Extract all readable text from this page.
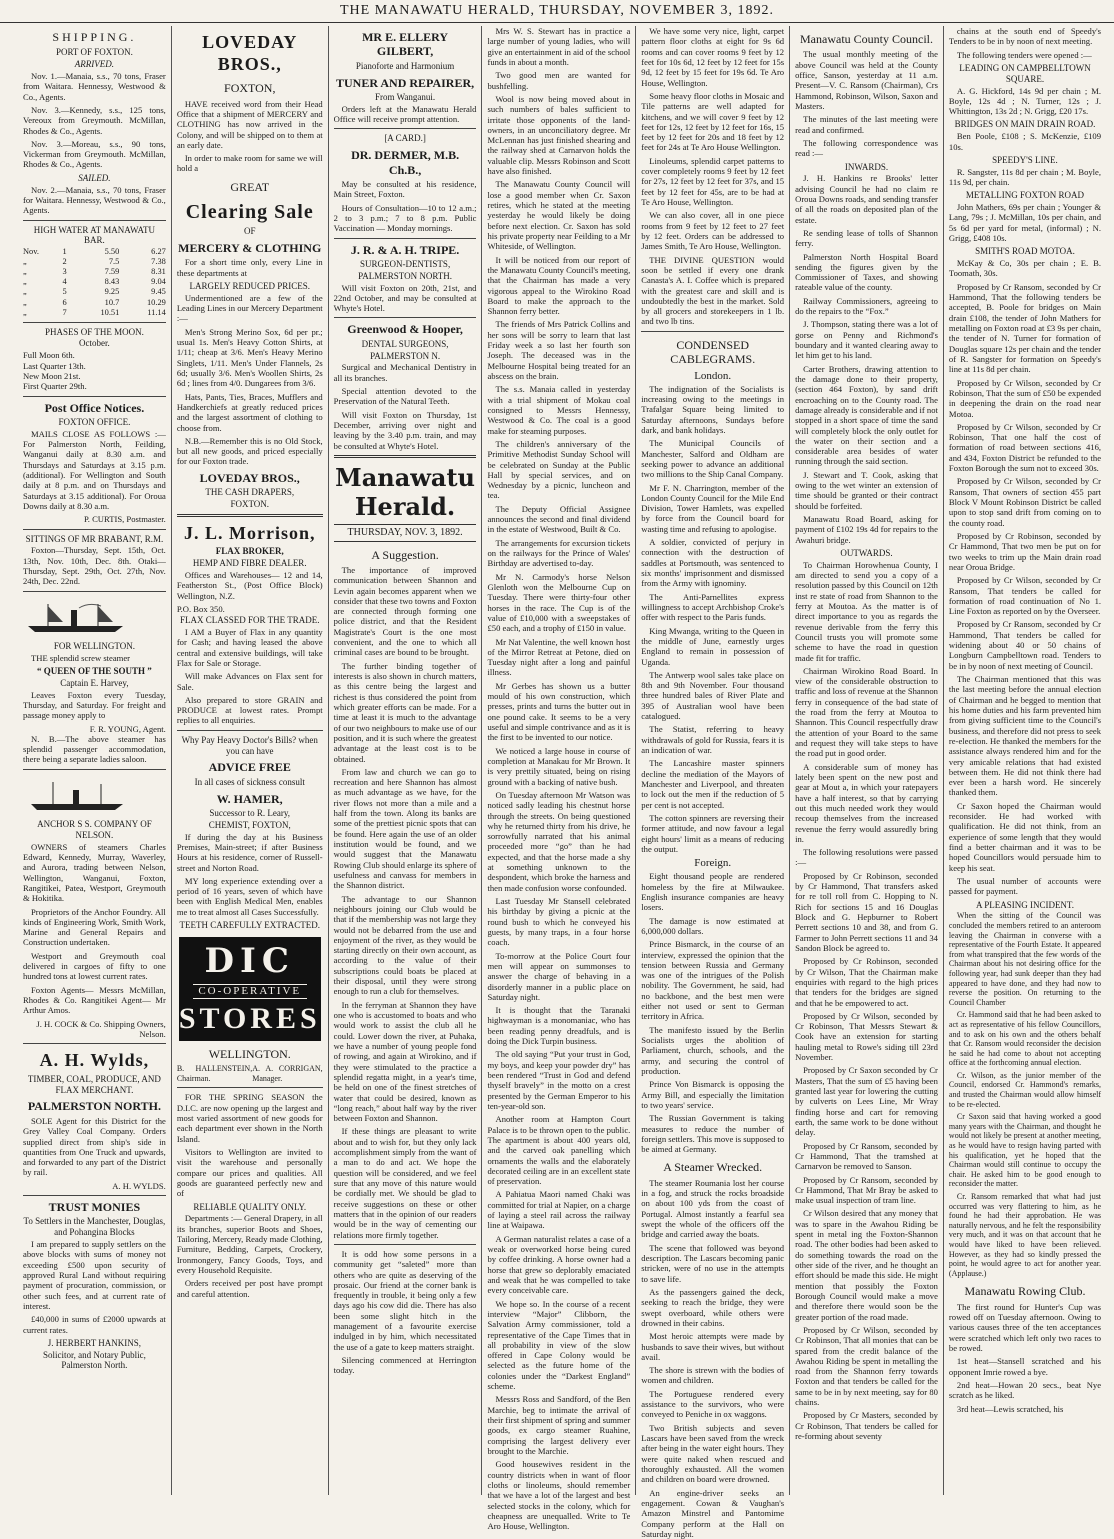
THE MANAWATU HERALD, THURSDAY, NOVEMBER 3, 1892.
SHIPPING.
PORT OF FOXTON.
ARRIVED.

Nov. 1.—Manaia, s.s., 70 tons, Fraser from Waitara. Hennessy, Westwood & Co., Agents.

Nov. 3.—Kennedy, s.s., 125 tons, Vereoux from Greymouth. McMillan, Rhodes & Co., Agents.

Nov. 3.—Moreau, s.s., 90 tons, Vickerman from Greymouth. McMillan, Rhodes & Co., Agents.

SAILED.

Nov. 2.—Manaia, s.s., 70 tons, Fraser for Waitara. Hennessy, Westwood & Co., Agents.

HIGH WATER AT MANAWATU BAR.
Nov.	1	5.50	6.27
„	2	7.5	7.38
„	3	7.59	8.31
„	4	8.43	9.04
„	5	9.25	9.45
„	6	10.7	10.29
„	7	10.51	11.14
PHASES OF THE MOON.
October.
Full Moon 6th.
Last Quarter 13th.
New Moon 21st.
First Quarter 29th.
Post Office Notices.
FOXTON OFFICE.

MAILS CLOSE AS FOLLOWS :— For Palmerston North, Feilding, Wanganui daily at 8.30 a.m. and Thursdays and Saturdays at 3.15 p.m. (additional). For Wellington and South daily at 8 p.m. and on Thursdays and Saturdays at 3.15 additional). For Oroua Downs daily at 8.30 a.m.

P. CURTIS, Postmaster.
SITTINGS OF MR BRABANT, R.M.

Foxton—Thursday, Sept. 15th, Oct. 13th, Nov. 10th, Dec. 8th. Otaki—Thursday, Sept. 29th, Oct. 27th, Nov. 24th, Dec. 22nd.

FOR WELLINGTON.

THE splendid screw steamer

“ QUEEN OF THE SOUTH ”
Captain E. Harvey,

Leaves Foxton every Tuesday, Thursday, and Saturday. For freight and passage money apply to

F. R. YOUNG, Agent.

N. B.—The above steamer has splendid passenger accommodation, there being a separate ladies saloon.

ANCHOR S S. COMPANY OF NELSON.

OWNERS of steamers Charles Edward, Kennedy, Murray, Waverley, and Aurora, trading between Nelson, Wellington, Wanganui, Foxton, Rangitikei, Patea, Westport, Greymouth & Hokitika.

Proprietors of the Anchor Foundry. All kinds of Engineering Work, Smith Work, Marine and General Repairs and Construction undertaken.

Westport and Greymouth coal delivered in cargoes of fifty to one hundred tons at lowest current rates.

Foxton Agents— Messrs McMillan, Rhodes & Co. Rangitikei Agent— Mr Arthur Amos.

J. H. COCK & Co. Shipping Owners, Nelson.
A. H. Wylds,
TIMBER, COAL, PRODUCE, AND FLAX MERCHANT.
PALMERSTON NORTH.

SOLE Agent for this District for the Grey Valley Coal Company. Orders supplied direct from ship's side in quantities from One Truck and upwards, and forwarded to any part of the District by rail.

A. H. WYLDS.
TRUST MONIES
To Settlers in the Manchester, Douglas, and Pohangina Blocks

I am prepared to supply settlers on the above blocks with sums of money not exceeding £500 upon security of approved Rural Land without requiring payment of procuration, commission, or other such fees, and at current rate of interest.

£40,000 in sums of £2000 upwards at current rates.

J. HERBERT HANKINS,
Solicitor, and Notary Public, Palmerston North.
LOVEDAY BROS.,
FOXTON,

HAVE received word from their Head Office that a shipment of MERCERY and CLOTHING has now arrived in the Colony, and will be shipped on to them at an early date.

In order to make room for same we will hold a

GREAT
Clearing Sale
OF
MERCERY & CLOTHING

For a short time only, every Line in these departments at

LARGELY REDUCED PRICES.

Undermentioned are a few of the Leading Lines in our Mercery Department :—

Men's Strong Merino Sox, 6d per pr.; usual 1s. Men's Heavy Cotton Shirts, at 1/11; cheap at 3/6. Men's Heavy Merino Singlets, 1/11. Men's Under Flannels, 2s 6d; usually 3/6. Men's Woollen Shirts, 2s 6d ; lines from 4/0. Dungarees from 3/6.

Hats, Pants, Ties, Braces, Mufflers and Handkerchiefs at greatly reduced prices and the largest assortment of clothing to choose from.

N.B.—Remember this is no Old Stock, but all new goods, and priced especially for our Foxton trade.

LOVEDAY BROS.,
THE CASH DRAPERS,
FOXTON.
J. L. Morrison,
FLAX BROKER,
HEMP AND FIBRE DEALER.

Offices and Warehouses— 12 and 14, Featherston St., (Post Office Block) Wellington, N.Z.

P.O. Box 350.
FLAX CLASSED FOR THE TRADE.

I AM a Buyer of Flax in any quantity for Cash; and having leased the above central and extensive buildings, will take Flax for Sale or Storage.

Will make Advances on Flax sent for Sale.

Also prepared to store GRAIN and PRODUCE at lowest rates. Prompt replies to all enquiries.

Why Pay Heavy Doctor's Bills? when you can have
ADVICE FREE
In all cases of sickness consult
W. HAMER,
Successor to R. Leary,
CHEMIST, FOXTON,

If during the day at his Business Premises, Main-street; if after Business Hours at his residence, corner of Russell-street and Norton Road.

MY long experience extending over a period of 16 years, seven of which have been with English Medical Men, enables me to treat almost all Cases Successfully.

TEETH CAREFULLY EXTRACTED.
DIC
CO-OPERATIVE
STORES
WELLINGTON.
B. HALLENSTEIN, Chairman.
A. A. CORRIGAN, Manager.

FOR THE SPRING SEASON the D.I.C. are now opening up the largest and most varied assortment of new goods for each department ever shown in the North Island.

Visitors to Wellington are invited to visit the warehouse and personally compare our prices and qualities. All goods are guaranteed perfectly new and of

RELIABLE QUALITY ONLY.

Departments :— General Drapery, in all its branches, superior Boots and Shoes, Tailoring, Mercery, Ready made Clothing, Furniture, Bedding, Carpets, Crockery, Ironmongery, Fancy Goods, Toys, and every Household Requisite.

Orders received per post have prompt and careful attention.

MR E. ELLERY GILBERT,
Pianoforte and Harmonium
TUNER AND REPAIRER,
From Wanganui.

Orders left at the Manawatu Herald Office will receive prompt attention.

[A CARD.]
DR. DERMER, M.B. Ch.B.,

May be consulted at his residence, Main Street, Foxton.

Hours of Consultation—10 to 12 a.m.; 2 to 3 p.m.; 7 to 8 p.m. Public Vaccination — Monday mornings.

J. R. & A. H. TRIPE.
SURGEON-DENTISTS,
PALMERSTON NORTH.

Will visit Foxton on 20th, 21st, and 22nd October, and may be consulted at Whyte's Hotel.

Greenwood & Hooper,
DENTAL SURGEONS,
PALMERSTON N.

Surgical and Mechanical Dentistry in all its branches.

Special attention devoted to the Preservation of the Natural Teeth.

Will visit Foxton on Thursday, 1st December, arriving over night and leaving by the 3.40 p.m. train, and may be consulted at Whyte's Hotel.

Manawatu Herald.
THURSDAY, NOV. 3, 1892.
A Suggestion.

The importance of improved communication between Shannon and Levin again becomes apparent when we consider that these two towns and Foxton are connected through forming one police district, and that the Resident Magistrate's Court is the one most convenient, and the one to which all criminal cases are bound to be brought.

The further binding together of interests is also shown in church matters, as this centre being the largest and richest is thus considered the point from which greater efforts can be made. For a time at least it is much to the advantage of our two neighbours to make use of our position, and it is such where the greatest advantage at the least cost is to be obtained.

From law and church we can go to recreation and here Shannon has almost as much advantage as we have, for the river flows not more than a mile and a half from the town. Along its banks are some of the prettiest picnic spots that can be found. Here again the use of an older institution would be found, and we would suggest that the Manawatu Rowing Club should enlarge its sphere of usefulness and canvass for members in the Shannon district.

The advantage to our Shannon neighbours joining our Club would be that if the membership was not large they would not be debarred from the use and enjoyment of the river, as they would be starting directly on their own account, as according to the value of their subscriptions could boats be placed at their disposal, until they were strong enough to run a club for themselves.

In the ferryman at Shannon they have one who is accustomed to boats and who would work to assist the club all he could. Lower down the river, at Puhaka, we have a number of young people fond of rowing, and again at Wirokino, and if they were stimulated to the practice a splendid regatta might, in a year's time, be held on one of the finest stretches of water that could be desired, known as “long reach,” about half way by the river between Foxton and Shannon.

If these things are pleasant to write about and to wish for, but they only lack accomplishment simply from the want of a man to do and act. We hope the question will be considered, and we feel sure that any move of this nature would be cordially met. We should be glad to receive suggestions on these or other matters that in the opinion of our readers would be in the way of cementing our relations more firmly together.

It is odd how some persons in a community get “saleted” more than others who are quite as deserving of the prosaic. Our friend at the corner bank is frequently in trouble, it being only a few days ago his cow did die. There has also been some slight hitch in the management of a favourite exercise indulged in by him, which necessitated the use of a gate to keep matters straight.

Silencing commenced at Herrington today.

Mrs W. S. Stewart has in practice a large number of young ladies, who will give an entertainment in aid of the school funds in about a month.

Two good men are wanted for bushfelling.

Wool is now being moved about in such numbers of bales sufficient to irritate those opponents of the land-owners, in an unconciliatory degree. Mr McLennan has just finished shearing and the railway shed at Carnarvon holds the valuable clip. Messrs Robinson and Scott have also finished.

The Manawatu County Council will lose a good member when Cr. Saxon retires, which he stated at the meeting yesterday he would likely be doing before next election. Cr. Saxon has sold his private property near Feilding to a Mr Whiteside, of Wellington.

It will be noticed from our report of the Manawatu County Council's meeting, that the Chairman has made a very vigorous appeal to the Wirokino Road Board to make the approach to the Shannon ferry better.

The friends of Mrs Patrick Collins and her sons will be sorry to learn that last Friday week a so last her fourth son Joseph. The deceased was in the Melbourne Hospital being treated for an abscess on the brain.

The s.s. Manaia called in yesterday with a trial shipment of Mokau coal consigned to Messrs Hennessy, Westwood & Co. The coal is a good make for steaming purposes.

The children's anniversary of the Primitive Methodist Sunday School will be celebrated on Sunday at the Public Hall by special services, and on Wednesday by a picnic, luncheon and tea.

The Deputy Official Assignee announces the second and final dividend in the estate of Westwood, Built & Co.

The arrangements for excursion tickets on the railways for the Prince of Wales' Birthday are advertised to-day.

Mr N. Carmody's horse Nelson Glenloth won the Melbourne Cup on Tuesday. There were thirty-four other horses in the race. The Cup is of the value of £10,000 with a sweepstakes of £50 each, and a trophy of £150 in value.

Mr Nat Valentine, the well known host of the Mirror Retreat at Petone, died on Tuesday night after a long and painful illness.

Mr Gerbes has shown us a butter mould of his own construction, which presses, prints and turns the butter out in one pound cake. It seems to be a very useful and simple contrivance and as it is the first to be invented to our notice.

We noticed a large house in course of completion at Manakau for Mr Brown. It is very prettily situated, being on rising ground with a backing of native bush.

On Tuesday afternoon Mr Watson was noticed sadly leading his chestnut horse through the streets. On being questioned why he returned thirty from his drive, he sorrowfully narrated that his animal proceeded more “go” than he had expected, and that the horse made a shy at something unknown to the despondent, which broke the harness and then made confusion worse confounded.

Last Tuesday Mr Stansell celebrated his birthday by giving a picnic at the round bush to which he conveyed his guests, by many traps, in a four horse coach.

To-morrow at the Police Court four men will appear on summonses to answer the charge of behaving in a disorderly manner in a public place on Saturday night.

It is thought that the Taranaki highwayman is a monomaniac, who has been reading penny dreadfuls, and is doing the Dick Turpin business.

The old saying “Put your trust in God, my boys, and keep your powder dry” has been rendered “Trust in God and defend thyself bravely” in the motto on a crest presented by the German Emperor to his ten-year-old son.

Another room at Hampton Court Palace is to be thrown open to the public. The apartment is about 400 years old, and the carved oak panelling which ornaments the walls and the elaborately decorated ceiling are in an excellent state of preservation.

A Pahiatua Maori named Chaki was committed for trial at Napier, on a charge of laying a steel rail across the railway line at Waipawa.

A German naturalist relates a case of a weak or overworked horse being cured by coffee drinking. A horse owner had a horse that grew so deplorably emaciated and weak that he was compelled to take every conceivable care.

We hope so. In the course of a recent interview “Major” Clibborn, the Salvation Army commissioner, told a representative of the Cape Times that in all probability in view of the slow offered in Cape Colony would be selected as the future home of the colonies under the “Darkest England” scheme.

Messrs Ross and Sandford, of the Ben Marchie, beg to intimate the arrival of their first shipment of spring and summer goods, ex cargo steamer Ruahine, comprising the largest delivery ever brought to the Marchie.

Good housewives resident in the country districts when in want of floor cloths or linoleums, should remember that we have a lot of the largest and best selected stocks in the colony, which for cheapness are unequalled. Write to Te Aro House, Wellington.

We have some very nice, light, carpet pattern floor cloths at eight for 9s 6d rooms and can cover rooms 9 feet by 12 feet for 10s 6d, 12 feet by 12 feet for 15s 9d, 12 feet by 15 feet for 19s 6d. Te Aro House, Wellington.

Some heavy floor cloths in Mosaic and Tile patterns are well adapted for kitchens, and we will cover 9 feet by 12 feet for 12s, 12 feet by 12 feet for 16s, 15 feet by 12 feet for 20s and 18 feet by 12 feet for 24s at Te Aro House Wellington.

Linoleums, splendid carpet patterns to cover completely rooms 9 feet by 12 feet for 27s, 12 feet by 12 feet for 37s, and 15 feet by 12 feet for 45s, are to be had at Te Aro House, Wellington.

We can also cover, all in one piece rooms from 9 feet by 12 feet to 27 feet by 12 feet. Orders can be addressed to James Smith, Te Aro House, Wellington.

THE DIVINE QUESTION would soon be settled if every one drank Canasta's A. I. Coffee which is prepared with the greatest care and skill and is undoubtedly the best in the market. Sold by all grocers and storekeepers in 1 lb. and two lb tins.

CONDENSED CABLEGRAMS.
London.

The indignation of the Socialists is increasing owing to the meetings in Trafalgar Square being limited to Saturday afternoons, Sundays before dark, and bank holidays.

The Municipal Councils of Manchester, Salford and Oldham are seeking power to advance an additional two millions to the Ship Canal Company.

Mr F. N. Charrington, member of the London County Council for the Mile End Division, Tower Hamlets, was expelled by force from the Council board for wasting time and refusing to apologise.

A soldier, convicted of perjury in connection with the destruction of saddles at Portsmouth, was sentenced to six months' imprisonment and dismissed from the Army with ignominy.

The Anti-Parnellites express willingness to accept Archbishop Croke's offer with respect to the Paris funds.

King Mwanga, writing to the Queen in the middle of June, earnestly urges England to remain in possession of Uganda.

The Antwerp wool sales take place on 8th and 9th November. Four thousand three hundred bales of River Plate and 395 of Australian wool have been catalogued.

The Statist, referring to heavy withdrawals of gold for Russia, fears it is an indication of war.

The Lancashire master spinners decline the mediation of the Mayors of Manchester and Liverpool, and threaten to lock out the men if the reduction of 5 per cent is not accepted.

The cotton spinners are reversing their former attitude, and now favour a legal eight hours' limit as a means of reducing the output.

Foreign.

Eight thousand people are rendered homeless by the fire at Milwaukee. English insurance companies are heavy losers.

The damage is now estimated at 6,000,000 dollars.

Prince Bismarck, in the course of an interview, expressed the opinion that the tension between Russia and Germany was one of the intrigues of the Polish nobility. The Government, he said, had no backbone, and the best men were either not used or sent to German territory in Africa.

The manifesto issued by the Berlin Socialists urges the abolition of Parliament, church, schools, and the army, and securing the control of production.

Prince Von Bismarck is opposing the Army Bill, and especially the limitation to two years' service.

The Russian Government is taking measures to reduce the number of foreign settlers. This move is supposed to be aimed at Germany.

A Steamer Wrecked.

The steamer Roumania lost her course in a fog, and struck the rocks broadside on about 100 yds from the coast of Portugal. Almost instantly a fearful sea swept the whole of the officers off the bridge and carried away the boats.

The scene that followed was beyond description. The Lascars becoming panic stricken, were of no use in the attempts to save life.

As the passengers gained the deck, seeking to reach the bridge, they were swept overboard, while others were drowned in their cabins.

Most heroic attempts were made by husbands to save their wives, but without avail.

The shore is strewn with the bodies of women and children.

The Portuguese rendered every assistance to the survivors, who were conveyed to Peniche in ox waggons.

Two British subjects and seven Lascars have been saved from the wreck after being in the water eight hours. They were quite naked when rescued and thoroughly exhausted. All the women and children on board were drowned.

An engine-driver seeks an engagement. Cowan & Vaughan's Amazon Minstrel and Pantomime Company perform at the Hall on Saturday night.

Manawatu County Council.

The usual monthly meeting of the above Council was held at the County office, Sanson, yesterday at 11 a.m. Present—V. C. Ransom (Chairman), Crs Hammond, Robinson, Wilson, Saxon and Masters.

The minutes of the last meeting were read and confirmed.

The following correspondence was read :—

INWARDS.

J. H. Hankins re Brooks' letter advising Council he had no claim re Oroua Downs roads, and sending transfer of all the roads on deposited plan of the estate.

Re sending lease of tolls of Shannon ferry.

Palmerston North Hospital Board sending the figures given by the Commissioner of Taxes, and showing rateable value of the county.

Railway Commissioners, agreeing to do the repairs to the “Fox.”

J. Thompson, stating there was a lot of gorse on Penny and Richmond's boundary and it wanted clearing away to let him get to his land.

Carter Brothers, drawing attention to the damage done to their property, (section 464 Foxton), by sand drift encroaching on to the County road. The damage already is considerable and if not stopped in a short space of time the sand will completely block the only outlet for the water on their section and a considerable area besides of water running through the said section.

J. Stewart and T. Cook, asking that owing to the wet winter an extension of time should be granted or their contract should be forfeited.

Manawatu Road Board, asking for payment of £102 19s 4d for repairs to the Awahuri bridge.

OUTWARDS.

To Chairman Horowhenua County, I am directed to send you a copy of a resolution passed by this Council on 12th inst re state of road from Shannon to the ferry at Moutoa. As the matter is of direct importance to you as regards the revenue derivable from the ferry this Council trusts you will promote some scheme to have the road in question made fit for traffic.

Chairman Wirokino Road Board. In view of the considerable obstruction to traffic and loss of revenue at the Shannon ferry in consequence of the bad state of the road from the ferry at Moutoa to Shannon. This Council respectfully draw the attention of your Board to the same and request they will take steps to have the road put in good order.

A considerable sum of money has lately been spent on the new post and gear at Mout a, in which your ratepayers have a half interest, so that by carrying out this much needed work they would recoup themselves from the increased revenue the ferry would assuredly bring in.

The following resolutions were passed :—

Proposed by Cr Robinson, seconded by Cr Hammond, That transfers asked for re toll roll from C. Hopping to N. Rich for sections 15 and 16 Douglas Block and G. Hepburner to Robert Perrett sections 10 and 38, and from G. Farmer to John Perrett sections 11 and 34 Sandon Block be agreed to.

Proposed by Cr Robinson, seconded by Cr Wilson, That the Chairman make enquiries with regard to the high prices that tenders for the bridges are signed and that he be empowered to act.

Proposed by Cr Wilson, seconded by Cr Robinson, That Messrs Stewart & Cook have an extension for starting hauling metal to Rowe's siding till 23rd November.

Proposed by Cr Saxon seconded by Cr Masters, That the sum of £5 having been granted last year for lowering the cutting by culverts on Lees Line, Mr Wray finding horse and cart for removing earth, the same work to be done without delay.

Proposed by Cr Ransom, seconded by Cr Hammond, That the tramshed at Carnarvon be removed to Sanson.

Proposed by Cr Ransom, seconded by Cr Hammond, That Mr Bray be asked to make usual inspection of tram line.

Cr Wilson desired that any money that was to spare in the Awahou Riding be spent in metal ing the Foxton-Shannon road. The other bodies had been asked to do something towards the road on the other side of the river, and he thought an effort should be made this side. He might mention that possibly the Foxton Borough Council would make a move and therefore there would soon be the greater portion of the road made.

Proposed by Cr Wilson, seconded by Cr Robinson, That all monies that can be spared from the credit balance of the Awahou Riding be spent in metalling the road from the Shannon ferry towards Foxton and that tenders be called for the same to be in by next meeting, say for 80 chains.

Proposed by Cr Masters, seconded by Cr Robinson, That tenders be called for re-forming about seventy

chains at the south end of Speedy's Tenders to be in by noon of next meeting.

The following tenders were opened :—

LEADING ON CAMPBELLTOWN SQUARE.

A. G. Hickford, 14s 9d per chain ; M. Boyle, 12s 4d ; N. Turner, 12s ; J. Whittington, 13s 2d ; N. Grigg, £20 17s.

BRIDGES ON MAIN DRAIN ROAD.

Ben Poole, £108 ; S. McKenzie, £109 10s.

SPEEDY'S LINE.

R. Sangster, 11s 8d per chain ; M. Boyle, 11s 9d, per chain.

METALLING FOXTON ROAD

John Mathers, 69s per chain ; Younger & Lang, 79s ; J. McMillan, 10s per chain, and 5s 6d per yard for metal, (informal) ; N. Grigg, £408 10s.

SMITH'S ROAD MOTOA.

McKay & Co, 30s per chain ; E. B. Toomath, 30s.

Proposed by Cr Ransom, seconded by Cr Hammond, That the following tenders be accepted, B. Poole for bridges on Main drain £108, the tender of John Mathers for metalling on Foxton road at £3 9s per chain, the tender of N. Turner for formation of Douglas square 12s per chain and the tender of R. Sangster for formation on Speedy's line at 11s 8d per chain.

Proposed by Cr Wilson, seconded by Cr Robinson, That the sum of £50 be expended in deepening the drain on the road near Motoa.

Proposed by Cr Wilson, seconded by Cr Robinson, That one half the cost of formation of road between sections 416, and 434, Foxton District be refunded to the Foxton Borough the sum not to exceed 30s.

Proposed by Cr Wilson, seconded by Cr Ransom, That owners of section 455 part Block V Mount Robinson District be called upon to stop sand drift from coming on to the county road.

Proposed by Cr Robinson, seconded by Cr Hammond, That two men be put on for two weeks to trim up the Main drain road near Oroua Bridge.

Proposed by Cr Wilson, seconded by Cr Ransom, That tenders be called for formation of road continuation of No 1. Line Foxton as reported on by the Overseer.

Proposed by Cr Ransom, seconded by Cr Hammond, That tenders be called for widening about 40 or 50 chains of Longburn Campbelltown road. Tenders to be in by noon of next meeting of Council.

The Chairman mentioned that this was the last meeting before the annual election of Chairman and he begged to mention that his home duties and his farm prevented him from giving sufficient time to the Council's business, and therefore did not press to seek re-election. He thanked the members for the assistance always rendered him and for the very amicable relations that had existed between them. He did not think there had ever been a harsh word. He sincerely thanked them.

Cr Saxon hoped the Chairman would reconsider. He had worked with qualification. He did not think, from an experience of some length that they would find a better chairman and it was to be hoped Councillors would persuade him to keep his seat.

The usual number of accounts were passed for payment.

A PLEASING INCIDENT.

When the sitting of the Council was concluded the members retired to an anteroom leaving the Chairman in converse with a representative of the Fourth Estate. It appeared from what transpired that the few words of the Chairman about his not desiring office for the following year, had sunk deeper than they had appeared to have done, and they had now to reverse the position. On returning to the Council Chamber

Cr. Hammond said that he had been asked to act as representative of his fellow Councillors, and to ask on his own and the others behalf that Cr. Ransom would reconsider the decision he said he had come to about not accepting office at the forthcoming annual election.

Cr. Wilson, as the junior member of the Council, endorsed Cr. Hammond's remarks, and trusted the Chairman would allow himself to be re-elected.

Cr Saxon said that having worked a good many years with the Chairman, and thought he would not likely be present at another meeting, as he would have to resign having parted with his qualification, yet he hoped that the Chairman would still continue to occupy the chair. He asked him to be good enough to reconsider the matter.

Cr. Ransom remarked that what had just occurred was very flattering to him, as he found he had their approbation. He was naturally nervous, and he felt the responsibility very much, and it was on that account that he would have liked to have been relieved. However, as they had so kindly pressed the point, he would agree to act for another year. (Applause.)

Manawatu Rowing Club.

The first round for Hunter's Cup was rowed off on Tuesday afternoon. Owing to various causes three of the ten acceptances were scratched which left only two races to be rowed.

1st heat—Stansell scratched and his opponent Imrie rowed a bye.

2nd heat—Howan 20 secs., beat Nye scratch as he liked.

3rd heat—Lewis scratched, his
